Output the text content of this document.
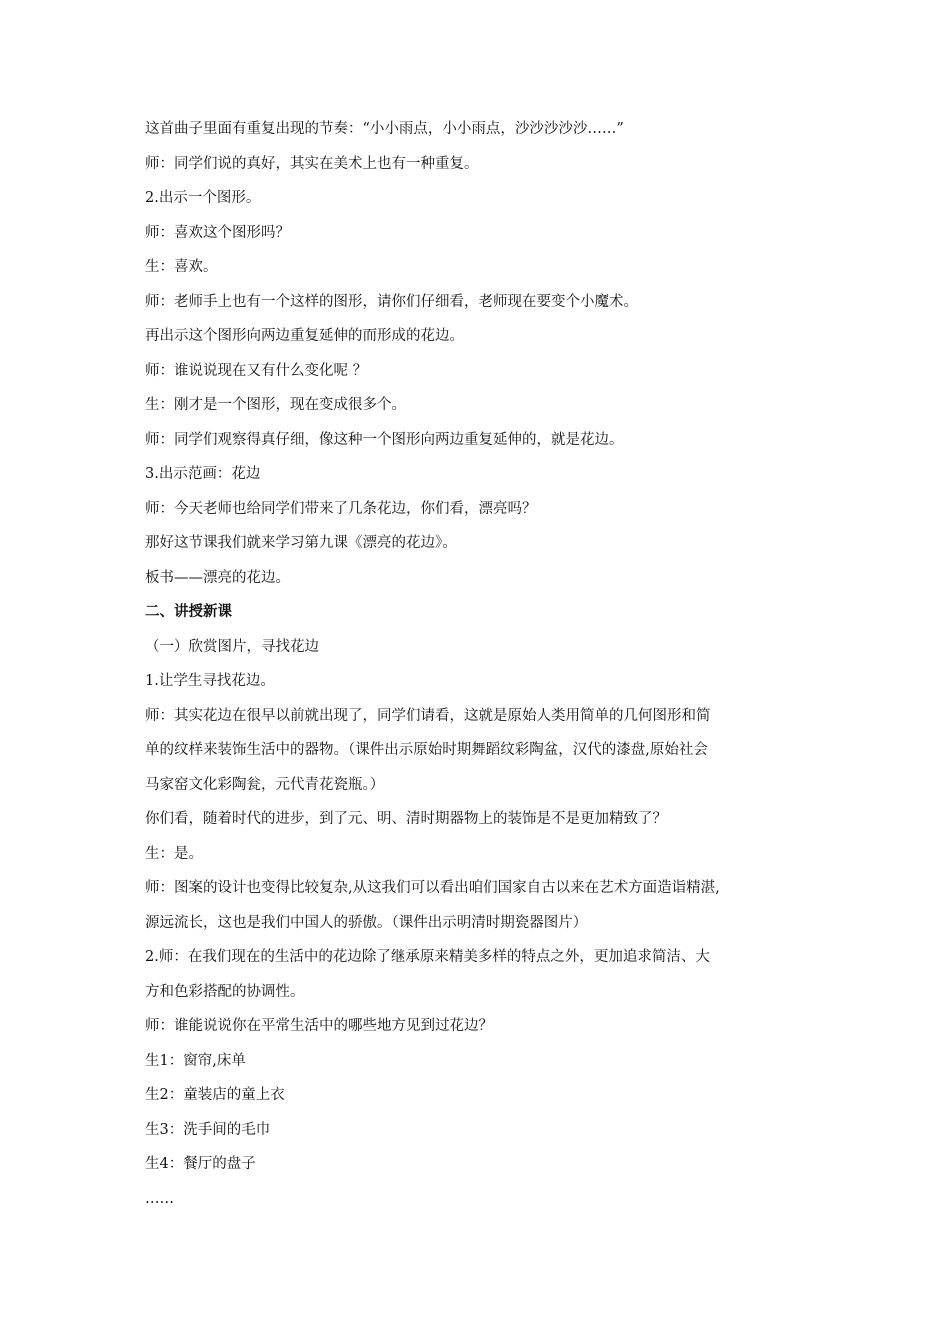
这首曲子里面有重复出现的节奏：“小小雨点，小小雨点，沙沙沙沙沙……”
师：同学们说的真好，其实在美术上也有一种重复。
2.出示一个图形。
师：喜欢这个图形吗？
生：喜欢。
师：老师手上也有一个这样的图形，请你们仔细看，老师现在要变个小魔术。
再出示这个图形向两边重复延伸的而形成的花边。
师：谁说说现在又有什么变化呢 ？
生：刚才是一个图形，现在变成很多个。
师：同学们观察得真仔细，像这种一个图形向两边重复延伸的，就是花边。
3.出示范画：花边
师：今天老师也给同学们带来了几条花边，你们看，漂亮吗？
那好这节课我们就来学习第九课《漂亮的花边》。
板书——漂亮的花边。
二、讲授新课
（一）欣赏图片，寻找花边
1.让学生寻找花边。
师：其实花边在很早以前就出现了，同学们请看，这就是原始人类用简单的几何图形和简
单的纹样来装饰生活中的器物。（课件出示原始时期舞蹈纹彩陶盆，汉代的漆盘,原始社会
马家窑文化彩陶瓮，元代青花瓷瓶。）
你们看，随着时代的进步，到了元、明、清时期器物上的装饰是不是更加精致了？
生：是。
师：图案的设计也变得比较复杂,从这我们可以看出咱们国家自古以来在艺术方面造诣精湛,
源远流长，这也是我们中国人的骄傲。（课件出示明清时期瓷器图片）
2.师：在我们现在的生活中的花边除了继承原来精美多样的特点之外，更加追求简洁、大
方和色彩搭配的协调性。
师：谁能说说你在平常生活中的哪些地方见到过花边？
生1：窗帘,床单
生2：童装店的童上衣
生3：洗手间的毛巾
生4：餐厅的盘子
……
